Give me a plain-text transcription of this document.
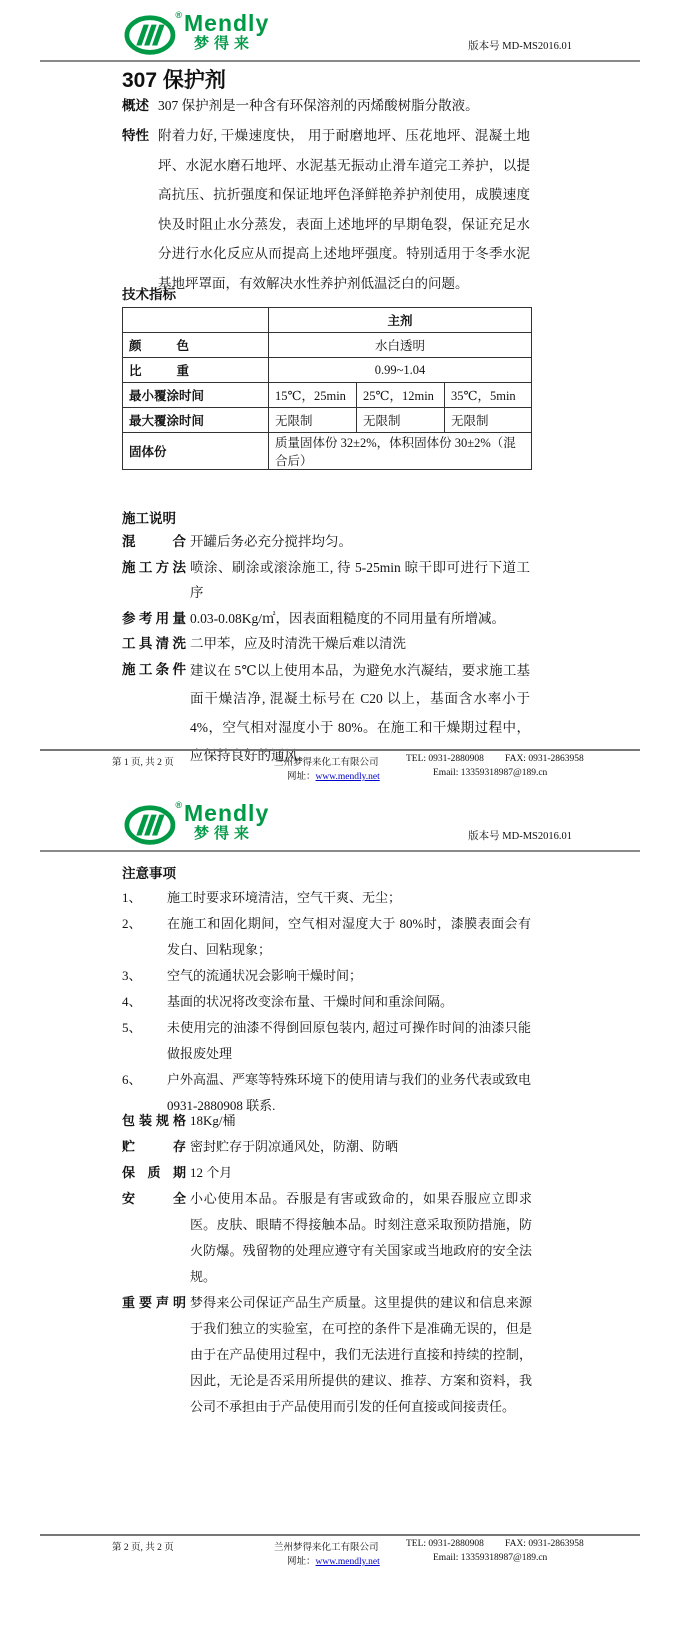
® Mendly
梦得来	版本号 MD-MS2016.01
307 保护剂
概述 307 保护剂是一种含有环保溶剂的丙烯酸树脂分散液。
特性 附着力好, 干燥速度快， 用于耐磨地坪、压花地坪、混凝土地坪、水泥水磨石地坪、水泥基无振动止滑车道完工养护，以提高抗压、抗折强度和保证地坪色泽鲜艳养护剂使用，成膜速度快及时阻止水分蒸发，表面上述地坪的早期龟裂，保证充足水分进行水化反应从而提高上述地坪强度。特别适用于冬季水泥基地坪罩面，有效解决水性养护剂低温泛白的问题。
技术指标
	主剂		
颜 色	水白透明		
比 重	0.99~1.04		
最小覆涂时间	15℃，25min	25℃，12min	35℃，5min
最大覆涂时间	无限制	无限制	无限制
固体份	质量固体份 32±2%，体积固体份 30±2%（混合后）		
施工说明
混 合 开罐后务必充分搅拌均匀。
施工方法 喷涂、刷涂或滚涂施工, 待 5-25min 晾干即可进行下道工序
参考用量 0.03-0.08Kg/㎡，因表面粗糙度的不同用量有所增减。
工具清洗 二甲苯，应及时清洗干燥后难以清洗
施工条件 建议在 5℃以上使用本品，为避免水汽凝结，要求施工基面干燥洁净, 混凝土标号在 C20 以上，基面含水率小于 4%，空气相对湿度小于 80%。在施工和干燥期过程中，应保持良好的通风。
第 1 页, 共 2 页	兰州梦得来化工有限公司	TEL: 0931-2880908 FAX: 0931-2863958
网址：www.mendly.net	Email: 13359318987@189.cn
® Mendly
梦得来	版本号 MD-MS2016.01
注意事项
1、	施工时要求环境清洁，空气干爽、无尘；
2、	在施工和固化期间，空气相对湿度大于 80%时，漆膜表面会有发白、回粘现象；
3、	空气的流通状况会影响干燥时间；
4、	基面的状况将改变涂布量、干燥时间和重涂间隔。
5、	未使用完的油漆不得倒回原包装内, 超过可操作时间的油漆只能做报废处理
6、	户外高温、严寒等特殊环境下的使用请与我们的业务代表或致电 0931-2880908 联系.
包装规格 18Kg/桶
贮 存 密封贮存于阴凉通风处，防潮、防晒
保 质 期 12 个月
安 全 小心使用本品。吞服是有害或致命的，如果吞服应立即求医。皮肤、眼睛不得接触本品。时刻注意采取预防措施，防火防爆。残留物的处理应遵守有关国家或当地政府的安全法规。
重要声明 梦得来公司保证产品生产质量。这里提供的建议和信息来源于我们独立的实验室，在可控的条件下是准确无误的，但是由于在产品使用过程中，我们无法进行直接和持续的控制，因此，无论是否采用所提供的建议、推荐、方案和资料，我公司不承担由于产品使用而引发的任何直接或间接责任。
第 2 页, 共 2 页	兰州梦得来化工有限公司	TEL: 0931-2880908 FAX: 0931-2863958
网址：www.mendly.net	Email: 13359318987@189.cn
